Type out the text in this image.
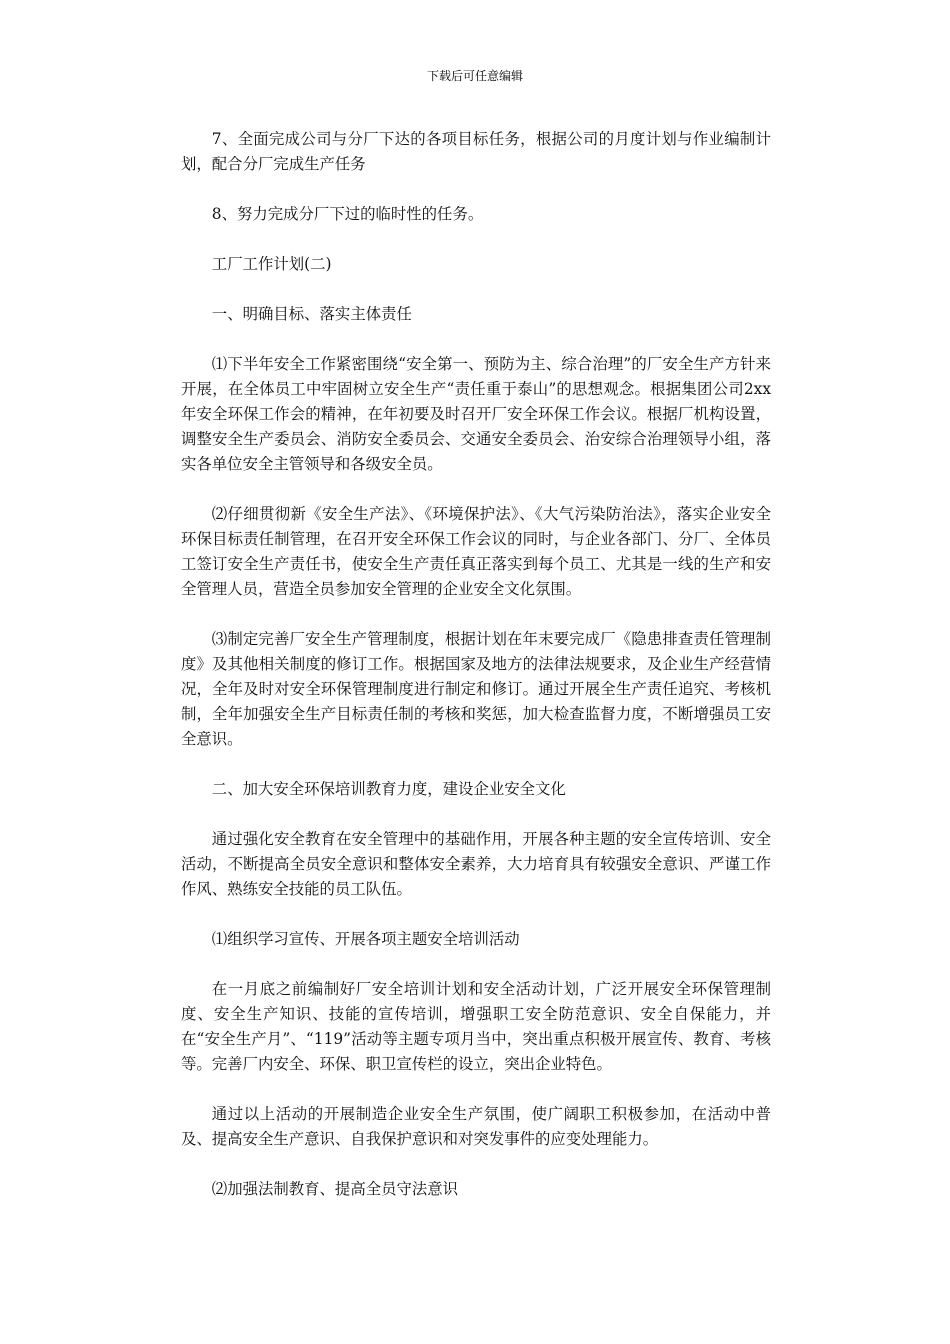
下载后可任意编辑

7、全面完成公司与分厂下达的各项目标任务，根据公司的月度计划与作业编制计划，配合分厂完成生产任务

8、努力完成分厂下过的临时性的任务。

工厂工作计划(二)

一、明确目标、落实主体责任

⑴下半年安全工作紧密围绕“安全第一、预防为主、综合治理”的厂安全生产方针来开展，在全体员工中牢固树立安全生产“责任重于泰山”的思想观念。根据集团公司2xx年安全环保工作会的精神，在年初要及时召开厂安全环保工作会议。根据厂机构设置，调整安全生产委员会、消防安全委员会、交通安全委员会、治安综合治理领导小组，落实各单位安全主管领导和各级安全员。

⑵仔细贯彻新《安全生产法》、《环境保护法》、《大气污染防治法》，落实企业安全环保目标责任制管理，在召开安全环保工作会议的同时，与企业各部门、分厂、全体员工签订安全生产责任书，使安全生产责任真正落实到每个员工、尤其是一线的生产和安全管理人员，营造全员参加安全管理的企业安全文化氛围。

⑶制定完善厂安全生产管理制度，根据计划在年末要完成厂《隐患排查责任管理制度》及其他相关制度的修订工作。根据国家及地方的法律法规要求，及企业生产经营情况，全年及时对安全环保管理制度进行制定和修订。通过开展全生产责任追究、考核机制，全年加强安全生产目标责任制的考核和奖惩，加大检查监督力度，不断增强员工安全意识。

二、加大安全环保培训教育力度，建设企业安全文化

通过强化安全教育在安全管理中的基础作用，开展各种主题的安全宣传培训、安全活动，不断提高全员安全意识和整体安全素养，大力培育具有较强安全意识、严谨工作作风、熟练安全技能的员工队伍。

⑴组织学习宣传、开展各项主题安全培训活动

在一月底之前编制好厂安全培训计划和安全活动计划，广泛开展安全环保管理制度、安全生产知识、技能的宣传培训，增强职工安全防范意识、安全自保能力，并在“安全生产月”、“119”活动等主题专项月当中，突出重点积极开展宣传、教育、考核等。完善厂内安全、环保、职卫宣传栏的设立，突出企业特色。

通过以上活动的开展制造企业安全生产氛围，使广阔职工积极参加，在活动中普及、提高安全生产意识、自我保护意识和对突发事件的应变处理能力。

⑵加强法制教育、提高全员守法意识
